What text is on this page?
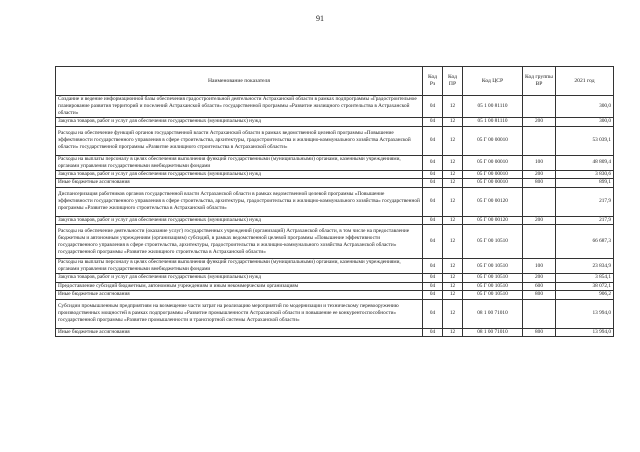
91
Наименование показателя	Код Рз	Код ПР	Код ЦСР	Код группы ВР	2021 год
Создание и ведение информационной базы обеспечения градостроительной деятельности Астраханской области в рамках подпрограммы «Градостроительное планирование развития территорий и поселений Астраханской области» государственной программы «Развитие жилищного строительства в Астраханской области»	04	12	05 1 00 81110		300,0
Закупка товаров, работ и услуг для обеспечения государственных (муниципальных) нужд	04	12	05 1 00 81110	200	300,0
Расходы на обеспечение функций органов государственной власти Астраханской области в рамках ведомственной целевой программы «Повышение эффективности государственного управления в сфере строительства, архитектуры, градостроительства и жилищно-коммунального хозяйства Астраханской области» государственной программы «Развитие жилищного строительства в Астраханской области»	04	12	05 Г 00 00010		53 039,1
Расходы на выплаты персоналу в целях обеспечения выполнения функций государственными (муниципальными) органами, казенными учреждениями, органами управления государственными внебюджетными фондами	04	12	05 Г 00 00010	100	48 809,4
Закупка товаров, работ и услуг для обеспечения государственных (муниципальных) нужд	04	12	05 Г 00 00010	200	3 830,6
Иные бюджетные ассигнования	04	12	05 Г 00 00010	800	899,1
Диспансеризация работников органов государственной власти Астраханской области в рамках ведомственной целевой программы «Повышение эффективности государственного управления в сфере строительства, архитектуры, градостроительства и жилищно-коммунального хозяйства» государственной программы «Развитие жилищного строительства в Астраханской области»	04	12	05 Г 00 00120		217,9
Закупка товаров, работ и услуг для обеспечения государственных (муниципальных) нужд	04	12	05 Г 00 00120	200	217,9
Расходы на обеспечение деятельности (оказание услуг) государственных учреждений (организаций) Астраханской области, в том числе на предоставление бюджетным и автономным учреждениям (организациям) субсидий, в рамках ведомственной целевой программы «Повышение эффективности государственного управления в сфере строительства, архитектуры, градостроительства и жилищно-коммунального хозяйства Астраханской области» государственной программы «Развитие жилищного строительства в Астраханской области»	04	12	05 Г 00 10510		66 687,3
Расходы на выплаты персоналу в целях обеспечения выполнения функций государственными (муниципальными) органами, казенными учреждениями, органами управления государственными внебюджетными фондами	04	12	05 Г 00 10510	100	23 834,9
Закупка товаров, работ и услуг для обеспечения государственных (муниципальных) нужд	04	12	05 Г 00 10510	200	3 854,1
Предоставление субсидий бюджетным, автономным учреждениям и иным некоммерческим организациям	04	12	05 Г 00 10510	600	38 072,1
Иные бюджетные ассигнования	04	12	05 Г 00 10510	800	906,2
Субсидии промышленным предприятиям на возмещение части затрат на реализацию мероприятий по модернизации и техническому перевооружению производственных мощностей в рамках подпрограммы «Развитие промышленности Астраханской области и повышение ее конкурентоспособности» государственной программы «Развитие промышленности и транспортной системы Астраханской области»	04	12	08 1 00 71010		13 994,0
Иные бюджетные ассигнования	04	12	08 1 00 71010	800	13 994,0
